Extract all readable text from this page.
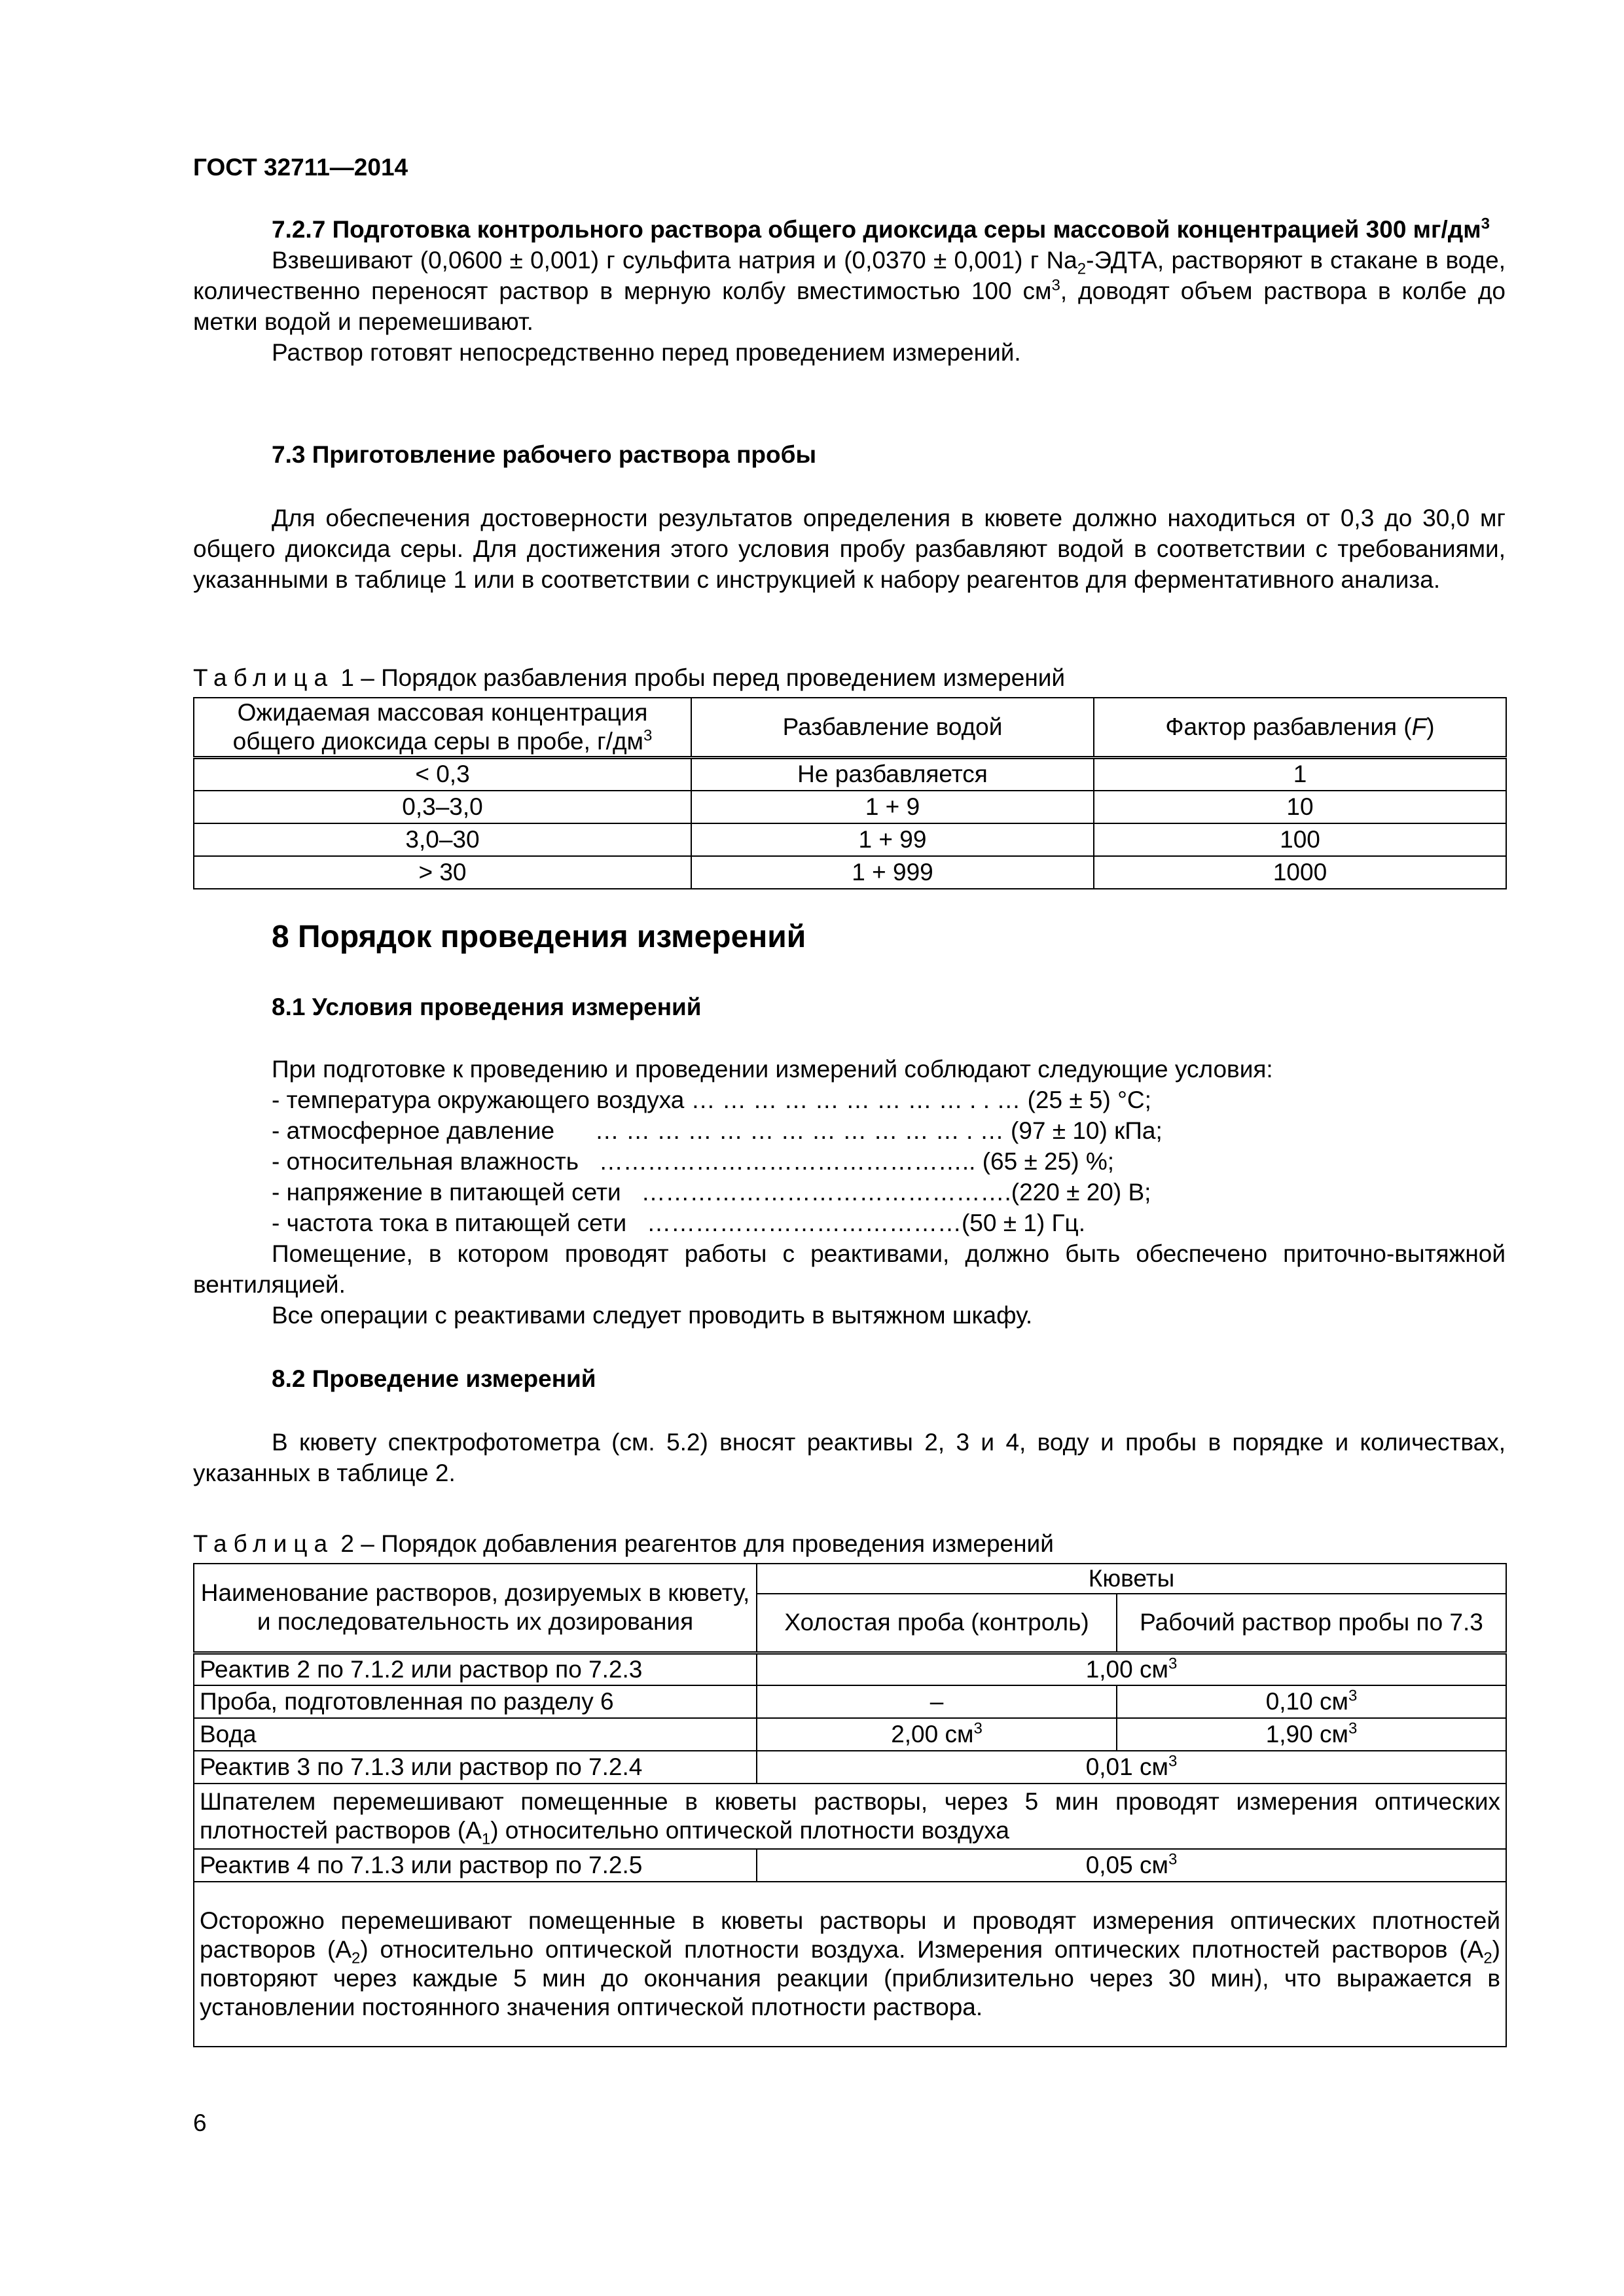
ГОСТ 32711—2014
7.2.7 Подготовка контрольного раствора общего диоксида серы массовой концентрацией 300 $мг/дм^3$
Взвешивают (0,0600 ± 0,001) г сульфита натрия и (0,0370 ± 0,001) г $Na_2$-ЭДТА, растворяют в стакане в воде, количественно переносят раствор в мерную колбу вместимостью 100 $см^3$, доводят объем раствора в колбе до метки водой и перемешивают.
Раствор готовят непосредственно перед проведением измерений.
7.3 Приготовление рабочего раствора пробы
Для обеспечения достоверности результатов определения в кювете должно находиться от 0,3 до 30,0 мг общего диоксида серы. Для достижения этого условия пробу разбавляют водой в соответствии с требованиями, указанными в таблице 1 или в соответствии с инструкцией к набору реагентов для ферментативного анализа.
Таблица 1 – Порядок разбавления пробы перед проведением измерений
Ожидаемая массовая концентрация общего диоксида серы в пробе, $г/дм^3$	Разбавление водой	Фактор разбавления (F)
< 0,3	Не разбавляется	1
0,3–3,0	1 + 9	10
3,0–30	1 + 99	100
> 30	1 + 999	1000
8 Порядок проведения измерений
8.1 Условия проведения измерений
При подготовке к проведению и проведении измерений соблюдают следующие условия:
- температура окружающего воздуха … … … … … … … … … . . … (25 ± 5) °С;
- атмосферное давление … … … … … … … … … … … … . … (97 ± 10) кПа;
- относительная влажность ……………………………………….. (65 ± 25) %;
- напряжение в питающей сети ………………………………………. (220 ± 20) В;
- частота тока в питающей сети ………………………………… (50 ± 1) Гц.
Помещение, в котором проводят работы с реактивами, должно быть обеспечено приточно-вытяжной вентиляцией.
Все операции с реактивами следует проводить в вытяжном шкафу.
8.2 Проведение измерений
В кювету спектрофотометра (см. 5.2) вносят реактивы 2, 3 и 4, воду и пробы в порядке и количествах, указанных в таблице 2.
Таблица 2 – Порядок добавления реагентов для проведения измерений
Наименование растворов, дозируемых в кювету, и последовательность их дозирования	Кюветы	
	Холостая проба (контроль)	Рабочий раствор пробы по 7.3
Реактив 2 по 7.1.2 или раствор по 7.2.3	1,00 $см^3$
Проба, подготовленная по разделу 6	–	0,10 $см^3$
Вода	2,00 $см^3$	1,90 $см^3$
Реактив 3 по 7.1.3 или раствор по 7.2.4	0,01 $см^3$
Шпателем перемешивают помещенные в кюветы растворы, через 5 мин проводят измерения оптических плотностей растворов $(А_1)$ относительно оптической плотности воздуха		
Реактив 4 по 7.1.3 или раствор по 7.2.5	0,05 $см^3$
Осторожно перемешивают помещенные в кюветы растворы и проводят измерения оптических плотностей растворов $(А_2)$ относительно оптической плотности воздуха. Измерения оптических плотностей растворов $(А_2)$ повторяют через каждые 5 мин до окончания реакции (приблизительно через 30 мин), что выражается в установлении постоянного значения оптической плотности раствора.		
6
